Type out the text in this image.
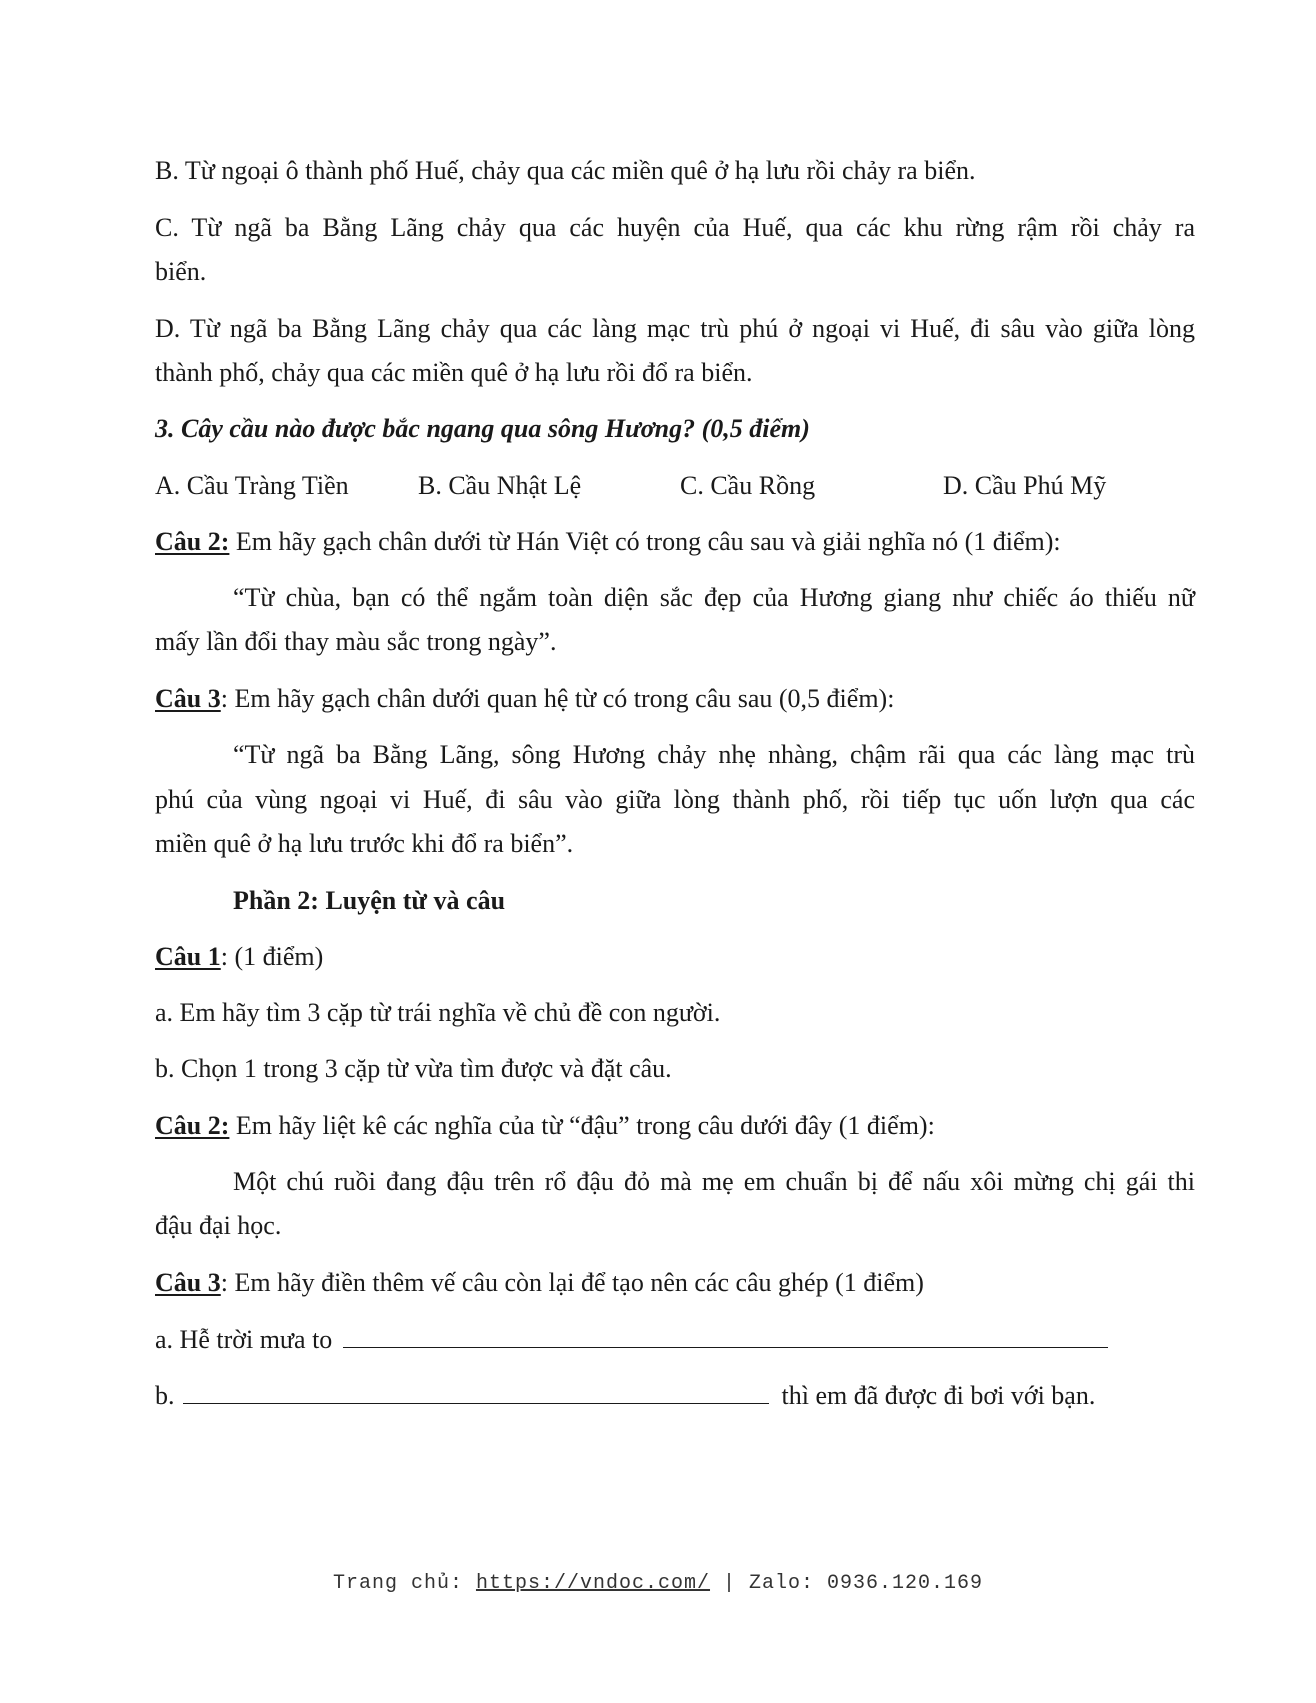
B. Từ ngoại ô thành phố Huế, chảy qua các miền quê ở hạ lưu rồi chảy ra biển.
C. Từ ngã ba Bằng Lãng chảy qua các huyện của Huế, qua các khu rừng rậm rồi chảy ra
biển.
D. Từ ngã ba Bằng Lãng chảy qua các làng mạc trù phú ở ngoại vi Huế, đi sâu vào giữa lòng
thành phố, chảy qua các miền quê ở hạ lưu rồi đổ ra biển.
3. Cây cầu nào được bắc ngang qua sông Hương? (0,5 điểm)
A. Cầu Tràng Tiền	B. Cầu Nhật Lệ	C. Cầu Rồng	D. Cầu Phú Mỹ
Câu 2: Em hãy gạch chân dưới từ Hán Việt có trong câu sau và giải nghĩa nó (1 điểm):
“Từ chùa, bạn có thể ngắm toàn diện sắc đẹp của Hương giang như chiếc áo thiếu nữ
mấy lần đổi thay màu sắc trong ngày”.
Câu 3: Em hãy gạch chân dưới quan hệ từ có trong câu sau (0,5 điểm):
“Từ ngã ba Bằng Lãng, sông Hương chảy nhẹ nhàng, chậm rãi qua các làng mạc trù
phú của vùng ngoại vi Huế, đi sâu vào giữa lòng thành phố, rồi tiếp tục uốn lượn qua các
miền quê ở hạ lưu trước khi đổ ra biển”.
Phần 2: Luyện từ và câu
Câu 1: (1 điểm)
a. Em hãy tìm 3 cặp từ trái nghĩa về chủ đề con người.
b. Chọn 1 trong 3 cặp từ vừa tìm được và đặt câu.
Câu 2: Em hãy liệt kê các nghĩa của từ “đậu” trong câu dưới đây (1 điểm):
Một chú ruồi đang đậu trên rổ đậu đỏ mà mẹ em chuẩn bị để nấu xôi mừng chị gái thi
đậu đại học.
Câu 3: Em hãy điền thêm vế câu còn lại để tạo nên các câu ghép (1 điểm)
a. Hễ trời mưa to
b.	thì em đã được đi bơi với bạn.
Trang chủ: https://vndoc.com/ | Zalo: 0936.120.169
